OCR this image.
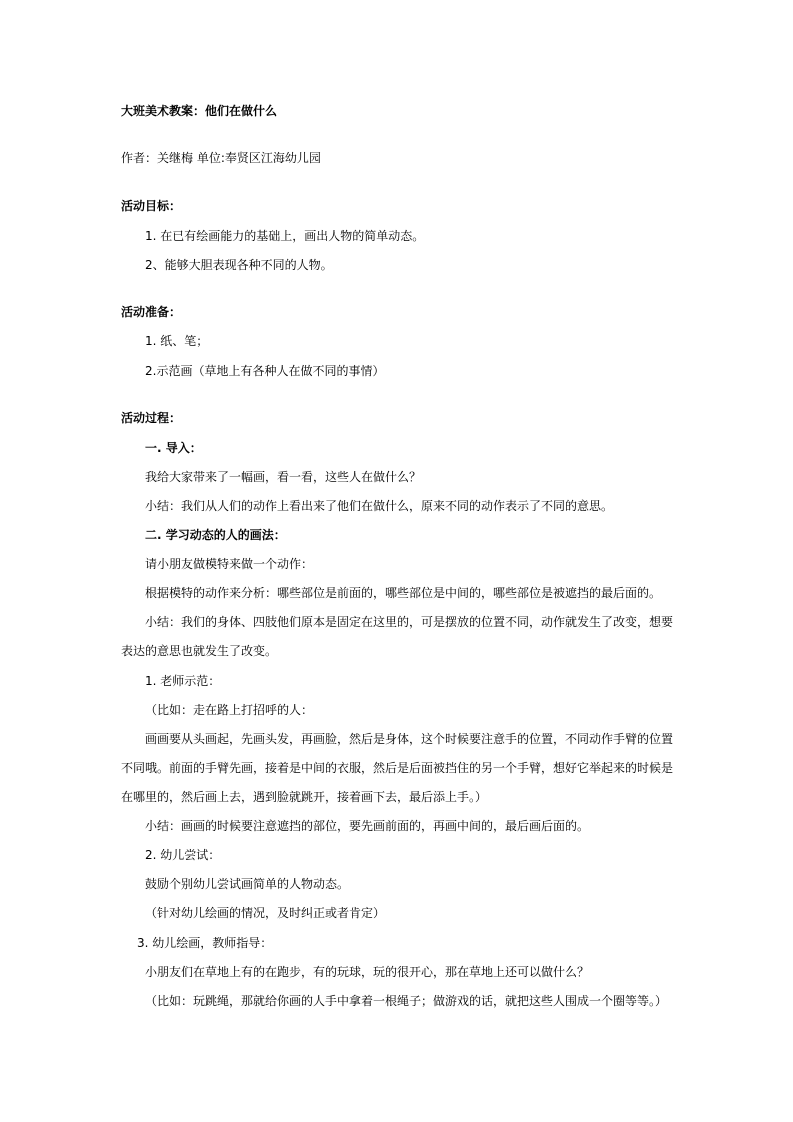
大班美术教案：他们在做什么
作者：关继梅 单位:奉贤区江海幼儿园
活动目标：
1. 在已有绘画能力的基础上，画出人物的简单动态。
2、能够大胆表现各种不同的人物。
活动准备：
1. 纸、笔；
2.示范画（草地上有各种人在做不同的事情）
活动过程：
一. 导入：
我给大家带来了一幅画，看一看，这些人在做什么？
小结：我们从人们的动作上看出来了他们在做什么，原来不同的动作表示了不同的意思。
二. 学习动态的人的画法：
请小朋友做模特来做一个动作：
根据模特的动作来分析：哪些部位是前面的，哪些部位是中间的，哪些部位是被遮挡的最后面的。
小结：我们的身体、四肢他们原本是固定在这里的，可是摆放的位置不同，动作就发生了改变，想要
表达的意思也就发生了改变。
1. 老师示范：
（比如：走在路上打招呼的人：
画画要从头画起，先画头发，再画脸，然后是身体，这个时候要注意手的位置，不同动作手臂的位置
不同哦。前面的手臂先画，接着是中间的衣服，然后是后面被挡住的另一个手臂，想好它举起来的时候是
在哪里的，然后画上去，遇到脸就跳开，接着画下去，最后添上手。）
小结：画画的时候要注意遮挡的部位，要先画前面的，再画中间的，最后画后面的。
2. 幼儿尝试：
鼓励个别幼儿尝试画简单的人物动态。
（针对幼儿绘画的情况，及时纠正或者肯定）
3. 幼儿绘画，教师指导：
小朋友们在草地上有的在跑步，有的玩球，玩的很开心，那在草地上还可以做什么？
（比如：玩跳绳，那就给你画的人手中拿着一根绳子；做游戏的话，就把这些人围成一个圈等等。）
